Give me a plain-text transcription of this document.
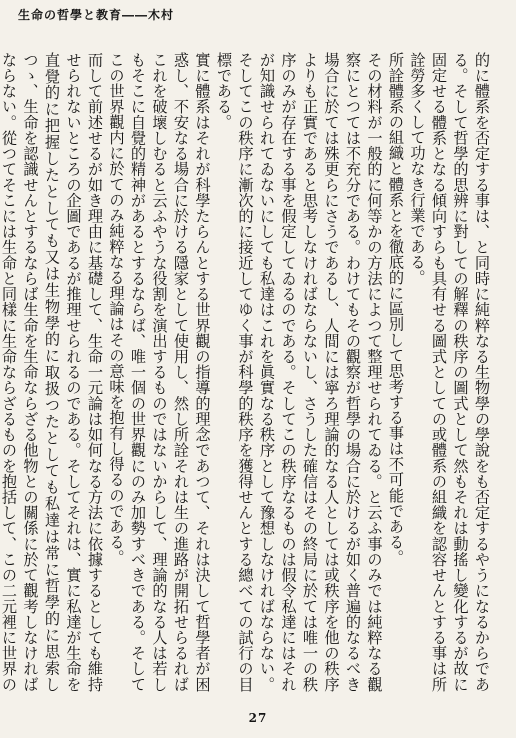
生命の哲學と教育――木村

的に體系を否定する事は、と同時に純粹なる生物學の學說をも否定するやうになるからである。そして哲學的思辨に對しての解釋の秩序の圖式として然もそれは動搖し變化するが故に固定せる體系となる傾向すらも具有せる圖式としての或體系の組織を認容せんとする事は所詮勞多くして功なき行業である。

所詮體系の組織と體系とを徹底的に區別して思考する事は不可能である。

その材料が一般的に何等かの方法によつて整理せられてゐる。と云ふ事のみでは純粹なる觀察にとつては不充分である。わけてもその觀察が哲學の場合に於けるが如く普遍的なるべき場合に於ては殊更らにさうであるし、人間には寧ろ理論的なる人としては或秩序を他の秩序よりも正實であると思考しなければならないし、さうした確信はその終局に於ては唯一の秩序のみが存在する事を假定してゐるのである。そしてこの秩序なるものは假令私達にはそれが知識せられてゐないにしても私達はこれを眞實なる秩序として豫想しなければならない。そしてこの秩序に漸次的に接近してゆく事が科學的秩序を獲得せんとする總べての試行の目標である。

實に體系はそれが科學たらんとする世界觀の指導的理念であつて、それは決して哲學者が困惑し、不安なる場合に於ける隱家として使用し、然し所詮それは生の進路が開拓せらるればこれを破壞しむると云ふやうな役割を演出するものではないからして、理論的なる人は若しもそこに自覺的精神があるとするならば、唯一個の世界觀にのみ加勢すべきである。そしてこの世界觀内に於てのみ純粹なる理論はその意味を抱有し得るのである。

而して前述せるが如き理由に基礎して、生命一元論は如何なる方法に依據するとしても維持せられないところの企圖であるが推理せられるのである。そしてそれは、實に私達が生命を直覺的に把握したとしても又は生物學的に取扱つたとしても私達は常に哲學的に思索しつゝ、生命を認識せんとするならば生命を生命ならざる他物との關係に於て觀考しなければならない。從つてそこには生命と同樣に生命ならざるものを抱括して、この二元裡に世界の

27
